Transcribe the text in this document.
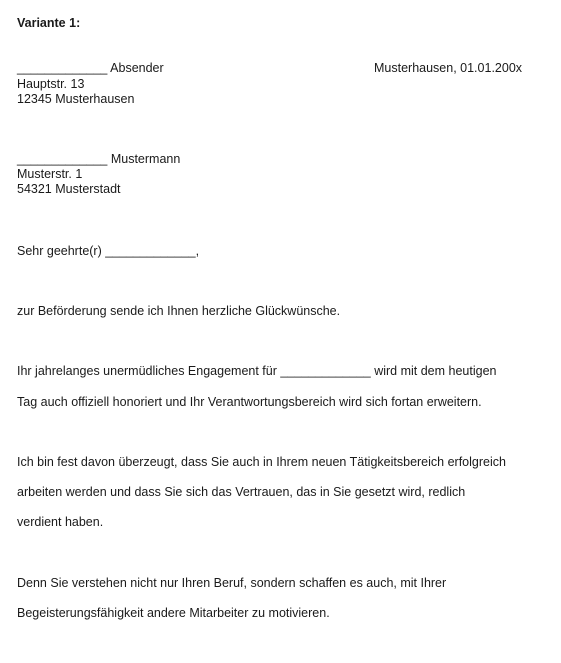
Variante 1:
_____________ Absender	Musterhausen, 01.01.200x
Hauptstr. 13
12345 Musterhausen
_____________ Mustermann
Musterstr. 1
54321 Musterstadt
Sehr geehrte(r) _____________,
zur Beförderung sende ich Ihnen herzliche Glückwünsche.
Ihr jahrelanges unermüdliches Engagement für _____________ wird mit dem heutigen
Tag auch offiziell honoriert und Ihr Verantwortungsbereich wird sich fortan erweitern.
Ich bin fest davon überzeugt, dass Sie auch in Ihrem neuen Tätigkeitsbereich erfolgreich
arbeiten werden und dass Sie sich das Vertrauen, das in Sie gesetzt wird, redlich
verdient haben.
Denn Sie verstehen nicht nur Ihren Beruf, sondern schaffen es auch, mit Ihrer
Begeisterungsfähigkeit andere Mitarbeiter zu motivieren.
